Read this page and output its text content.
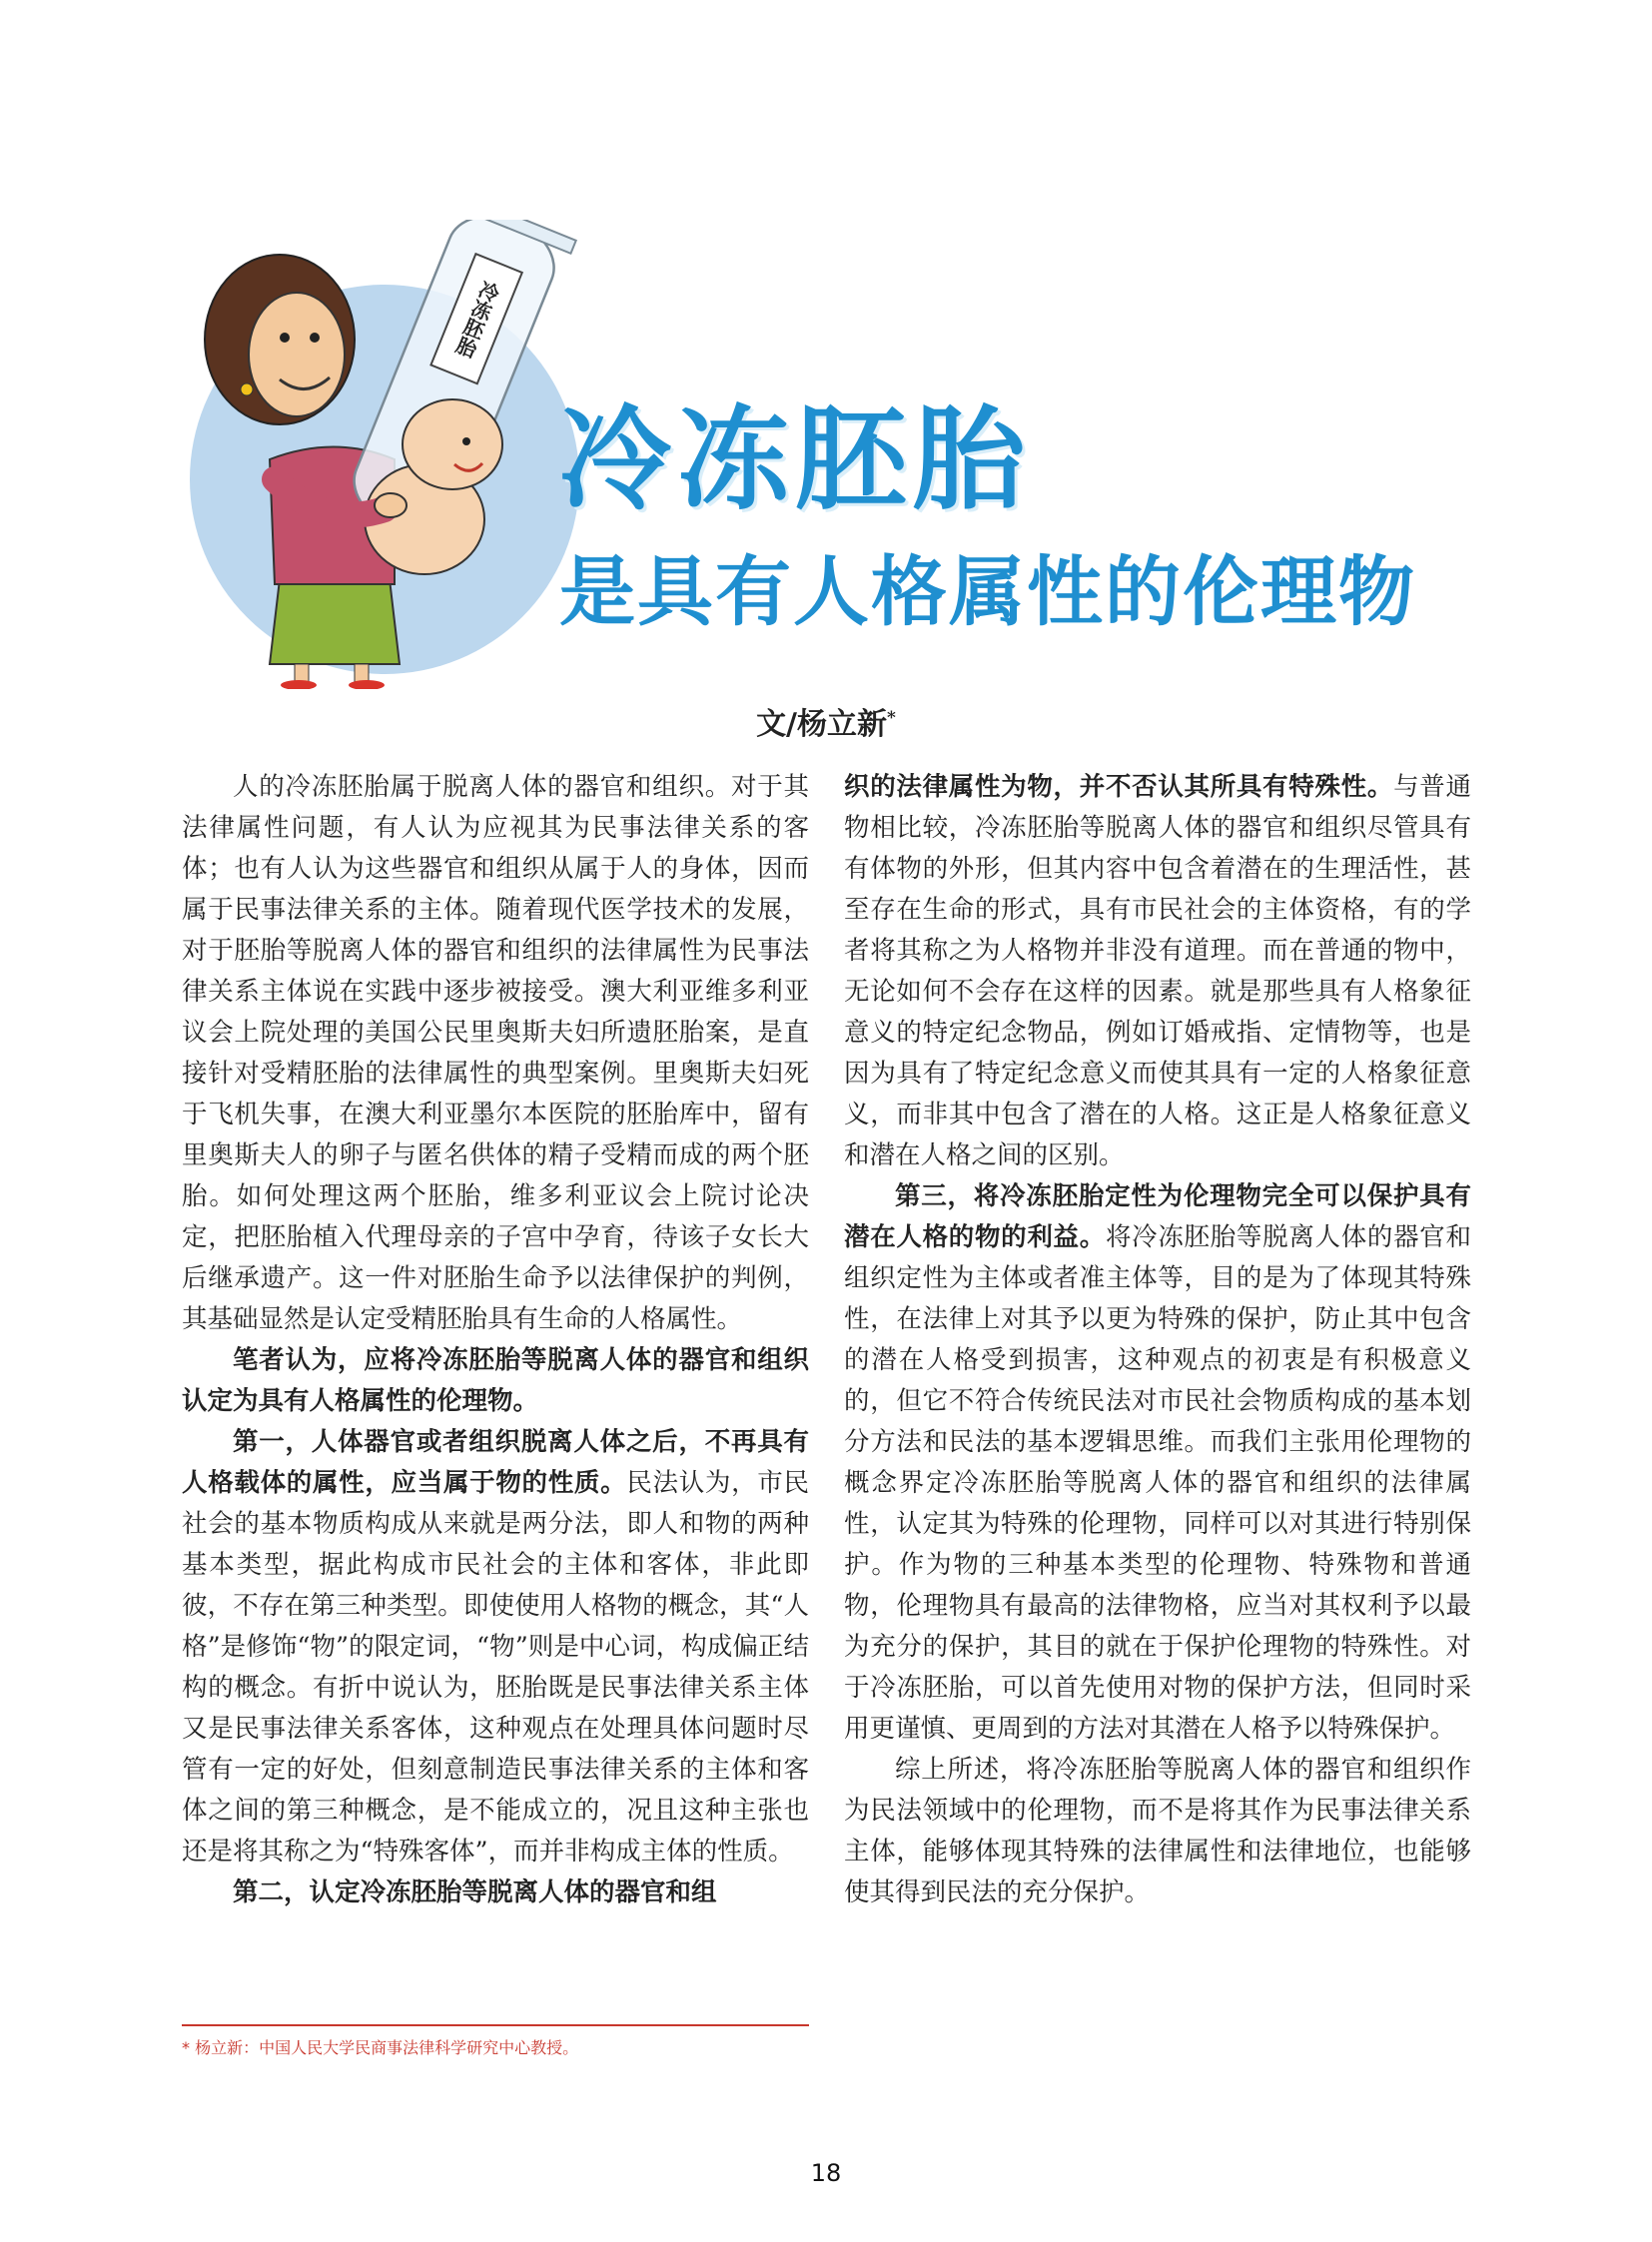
冷冻胚胎
冷冻胚胎
是具有人格属性的伦理物
文/杨立新*

人的冷冻胚胎属于脱离人体的器官和组织。对于其法律属性问题，有人认为应视其为民事法律关系的客体；也有人认为这些器官和组织从属于人的身体，因而属于民事法律关系的主体。随着现代医学技术的发展，对于胚胎等脱离人体的器官和组织的法律属性为民事法律关系主体说在实践中逐步被接受。澳大利亚维多利亚议会上院处理的美国公民里奥斯夫妇所遗胚胎案，是直接针对受精胚胎的法律属性的典型案例。里奥斯夫妇死于飞机失事，在澳大利亚墨尔本医院的胚胎库中，留有里奥斯夫人的卵子与匿名供体的精子受精而成的两个胚胎。如何处理这两个胚胎，维多利亚议会上院讨论决定，把胚胎植入代理母亲的子宫中孕育，待该子女长大后继承遗产。这一件对胚胎生命予以法律保护的判例，其基础显然是认定受精胚胎具有生命的人格属性。

笔者认为，应将冷冻胚胎等脱离人体的器官和组织认定为具有人格属性的伦理物。

第一，人体器官或者组织脱离人体之后，不再具有人格载体的属性，应当属于物的性质。民法认为，市民社会的基本物质构成从来就是两分法，即人和物的两种基本类型，据此构成市民社会的主体和客体，非此即彼，不存在第三种类型。即使使用人格物的概念，其“人格”是修饰“物”的限定词，“物”则是中心词，构成偏正结构的概念。有折中说认为，胚胎既是民事法律关系主体又是民事法律关系客体，这种观点在处理具体问题时尽管有一定的好处，但刻意制造民事法律关系的主体和客体之间的第三种概念，是不能成立的，况且这种主张也还是将其称之为“特殊客体”，而并非构成主体的性质。

第二，认定冷冻胚胎等脱离人体的器官和组

织的法律属性为物，并不否认其所具有特殊性。与普通物相比较，冷冻胚胎等脱离人体的器官和组织尽管具有有体物的外形，但其内容中包含着潜在的生理活性，甚至存在生命的形式，具有市民社会的主体资格，有的学者将其称之为人格物并非没有道理。而在普通的物中，无论如何不会存在这样的因素。就是那些具有人格象征意义的特定纪念物品，例如订婚戒指、定情物等，也是因为具有了特定纪念意义而使其具有一定的人格象征意义，而非其中包含了潜在的人格。这正是人格象征意义和潜在人格之间的区别。

第三，将冷冻胚胎定性为伦理物完全可以保护具有潜在人格的物的利益。将冷冻胚胎等脱离人体的器官和组织定性为主体或者准主体等，目的是为了体现其特殊性，在法律上对其予以更为特殊的保护，防止其中包含的潜在人格受到损害，这种观点的初衷是有积极意义的，但它不符合传统民法对市民社会物质构成的基本划分方法和民法的基本逻辑思维。而我们主张用伦理物的概念界定冷冻胚胎等脱离人体的器官和组织的法律属性，认定其为特殊的伦理物，同样可以对其进行特别保护。作为物的三种基本类型的伦理物、特殊物和普通物，伦理物具有最高的法律物格，应当对其权利予以最为充分的保护，其目的就在于保护伦理物的特殊性。对于冷冻胚胎，可以首先使用对物的保护方法，但同时采用更谨慎、更周到的方法对其潜在人格予以特殊保护。

综上所述，将冷冻胚胎等脱离人体的器官和组织作为民法领域中的伦理物，而不是将其作为民事法律关系主体，能够体现其特殊的法律属性和法律地位，也能够使其得到民法的充分保护。

* 杨立新：中国人民大学民商事法律科学研究中心教授。
18
